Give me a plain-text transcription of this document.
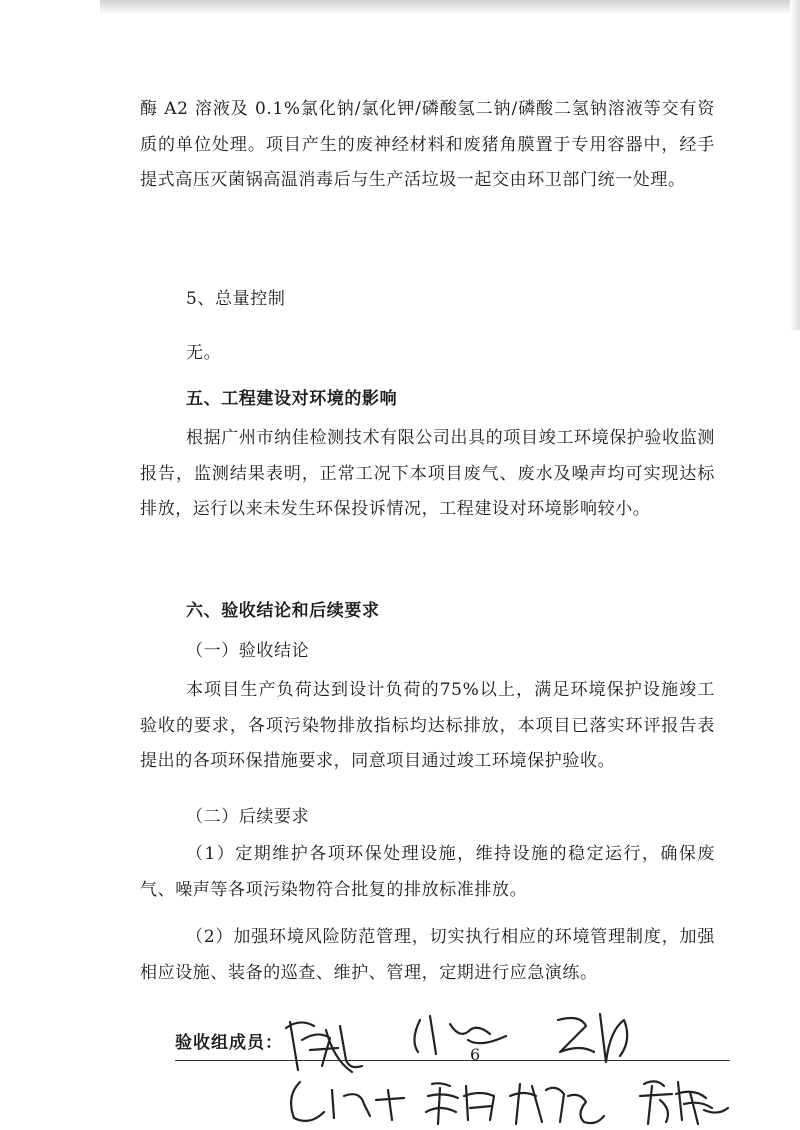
酶 A2 溶液及 0.1%氯化钠/氯化钾/磷酸氢二钠/磷酸二氢钠溶液等交有资质的单位处理。项目产生的废神经材料和废猪角膜置于专用容器中，经手提式高压灭菌锅高温消毒后与生产活垃圾一起交由环卫部门统一处理。

5、总量控制

无。

五、工程建设对环境的影响

根据广州市纳佳检测技术有限公司出具的项目竣工环境保护验收监测报告，监测结果表明，正常工况下本项目废气、废水及噪声均可实现达标排放，运行以来未发生环保投诉情况，工程建设对环境影响较小。

六、验收结论和后续要求

（一）验收结论

本项目生产负荷达到设计负荷的75%以上，满足环境保护设施竣工验收的要求，各项污染物排放指标均达标排放，本项目已落实环评报告表提出的各项环保措施要求，同意项目通过竣工环境保护验收。

（二）后续要求

（1）定期维护各项环保处理设施，维持设施的稳定运行，确保废气、噪声等各项污染物符合批复的排放标准排放。

（2）加强环境风险防范管理，切实执行相应的环境管理制度，加强相应设施、装备的巡查、维护、管理，定期进行应急演练。

验收组成员：
6
